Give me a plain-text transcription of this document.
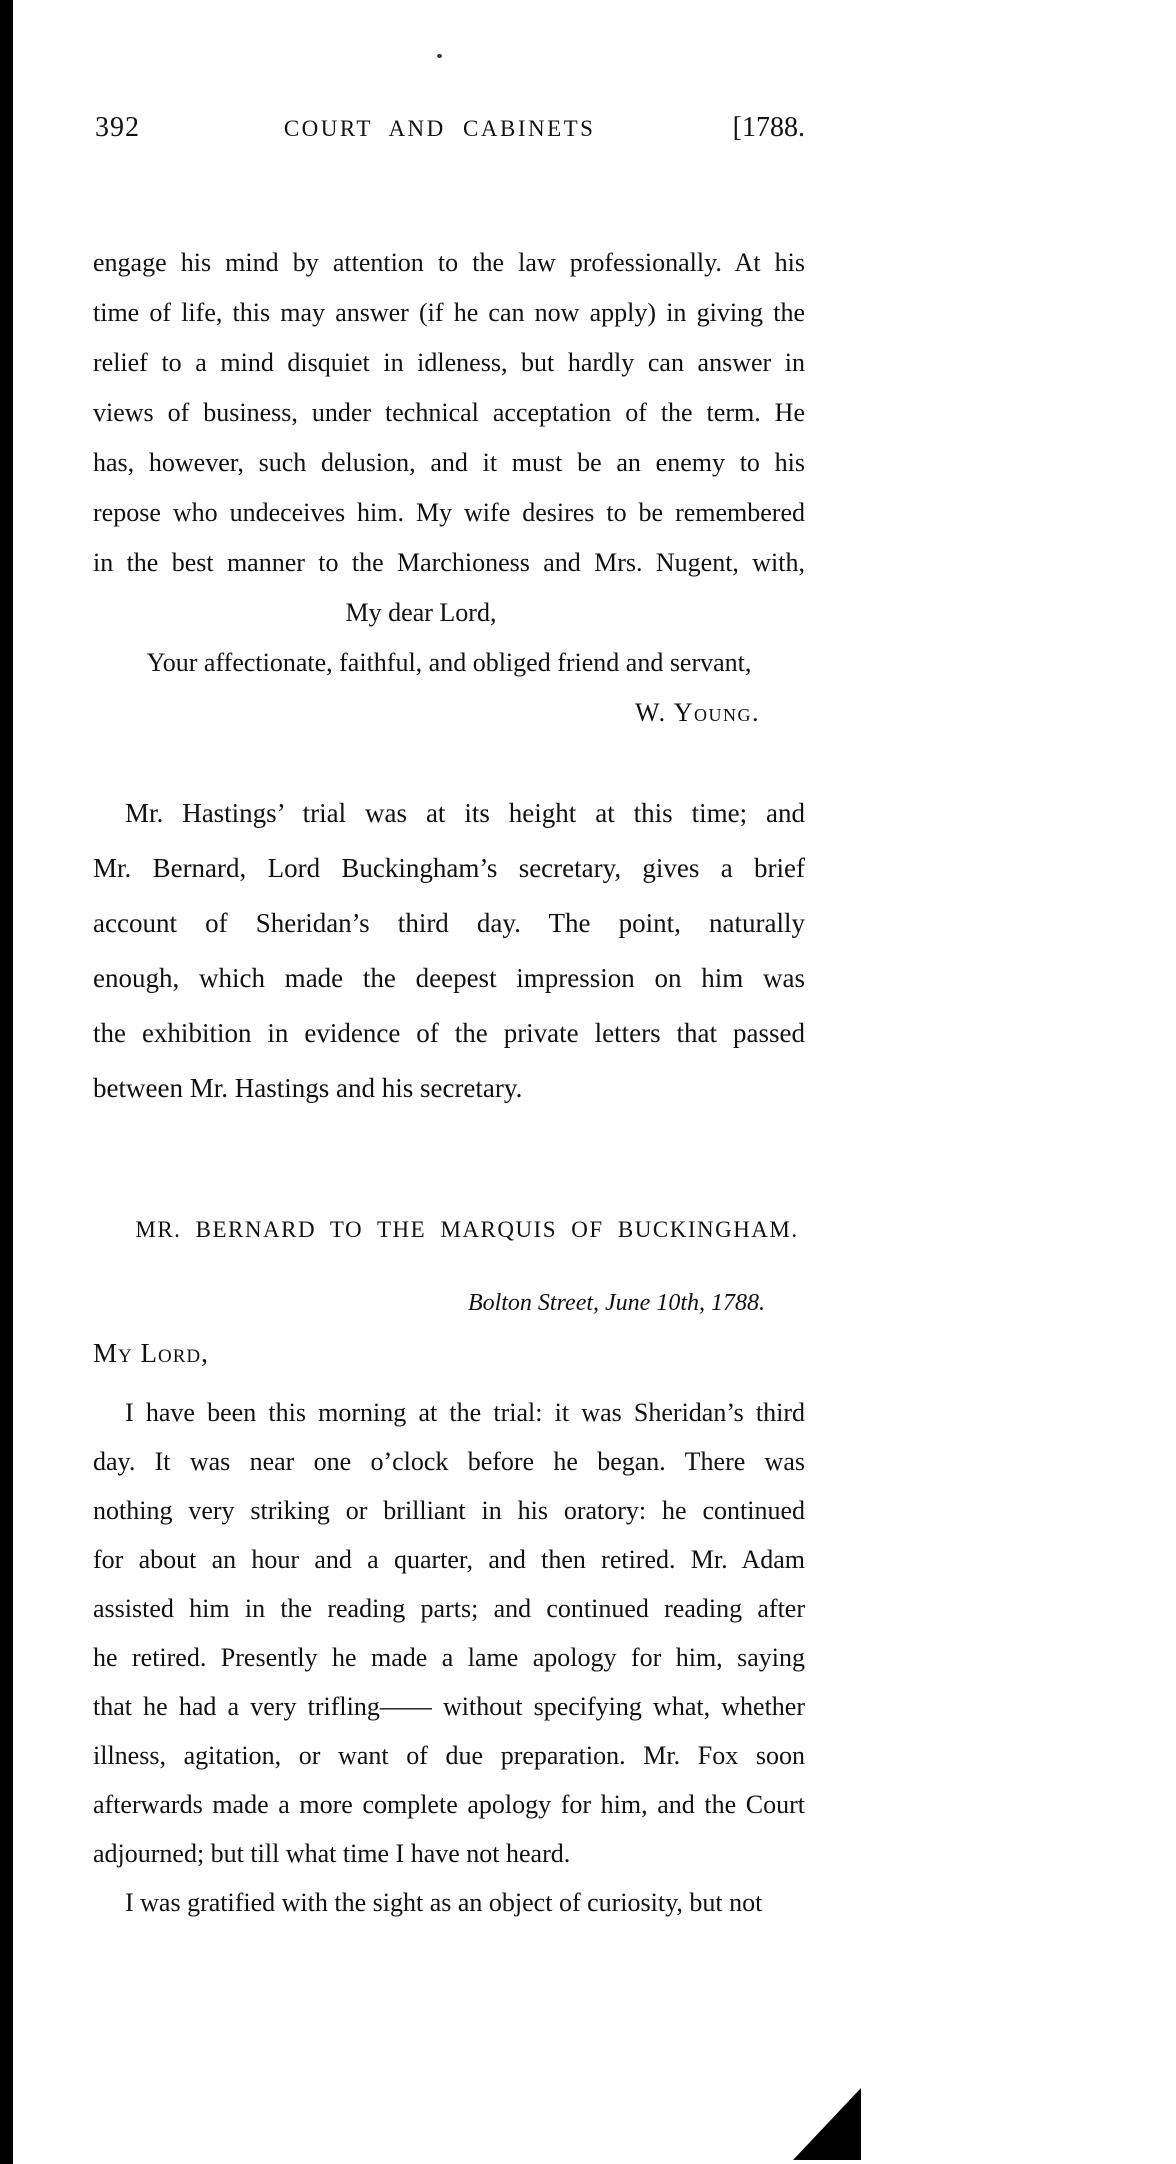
392	COURT AND CABINETS	[1788.
engage his mind by attention to the law professionally. At his
time of life, this may answer (if he can now apply) in giving the
relief to a mind disquiet in idleness, but hardly can answer in
views of business, under technical acceptation of the term. He
has, however, such delusion, and it must be an enemy to his
repose who undeceives him. My wife desires to be remembered
in the best manner to the Marchioness and Mrs. Nugent, with,
My dear Lord,
Your affectionate, faithful, and obliged friend and servant,
W. Young.
Mr. Hastings’ trial was at its height at this time; and
Mr. Bernard, Lord Buckingham’s secretary, gives a brief
account of Sheridan’s third day. The point, naturally
enough, which made the deepest impression on him was
the exhibition in evidence of the private letters that passed
between Mr. Hastings and his secretary.
MR. BERNARD TO THE MARQUIS OF BUCKINGHAM.
Bolton Street, June 10th, 1788.
My Lord,
I have been this morning at the trial: it was Sheridan’s third
day. It was near one o’clock before he began. There was
nothing very striking or brilliant in his oratory: he continued
for about an hour and a quarter, and then retired. Mr. Adam
assisted him in the reading parts; and continued reading after
he retired. Presently he made a lame apology for him, saying
that he had a very trifling—— without specifying what, whether
illness, agitation, or want of due preparation. Mr. Fox soon
afterwards made a more complete apology for him, and the Court
adjourned; but till what time I have not heard.
I was gratified with the sight as an object of curiosity, but not
